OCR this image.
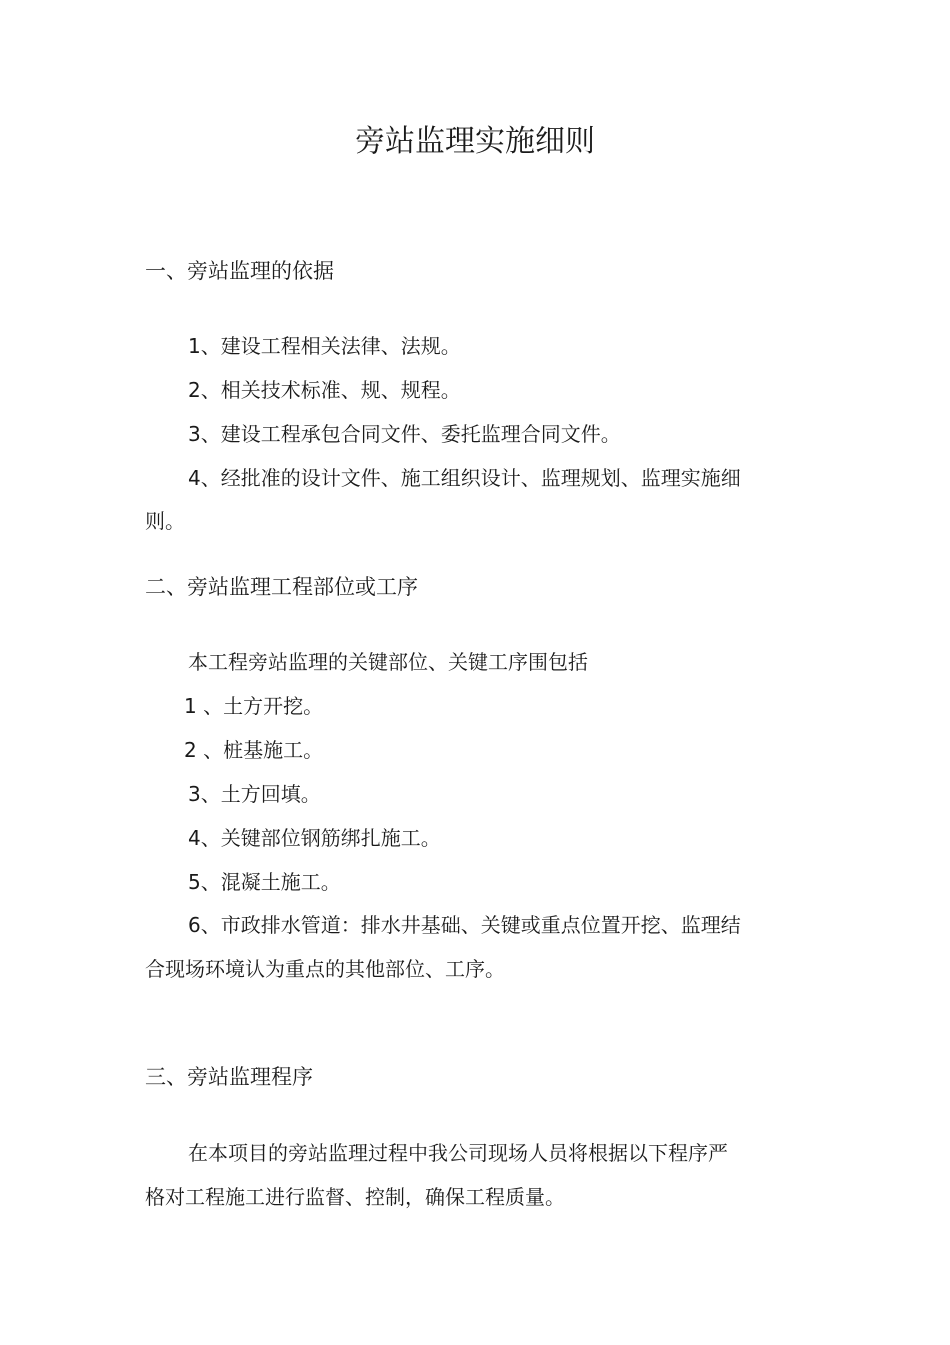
旁站监理实施细则

一、旁站监理的依据

1、建设工程相关法律、法规。

2、相关技术标准、规、规程。

3、建设工程承包合同文件、委托监理合同文件。

4、经批准的设计文件、施工组织设计、监理规划、监理实施细

则。

二、旁站监理工程部位或工序

本工程旁站监理的关键部位、关键工序围包括

1 、土方开挖。

2 、桩基施工。

3、土方回填。

4、关键部位钢筋绑扎施工。

5、混凝土施工。

6、市政排水管道：排水井基础、关键或重点位置开挖、监理结

合现场环境认为重点的其他部位、工序。

三、旁站监理程序

在本项目的旁站监理过程中我公司现场人员将根据以下程序严

格对工程施工进行监督、控制，确保工程质量。
